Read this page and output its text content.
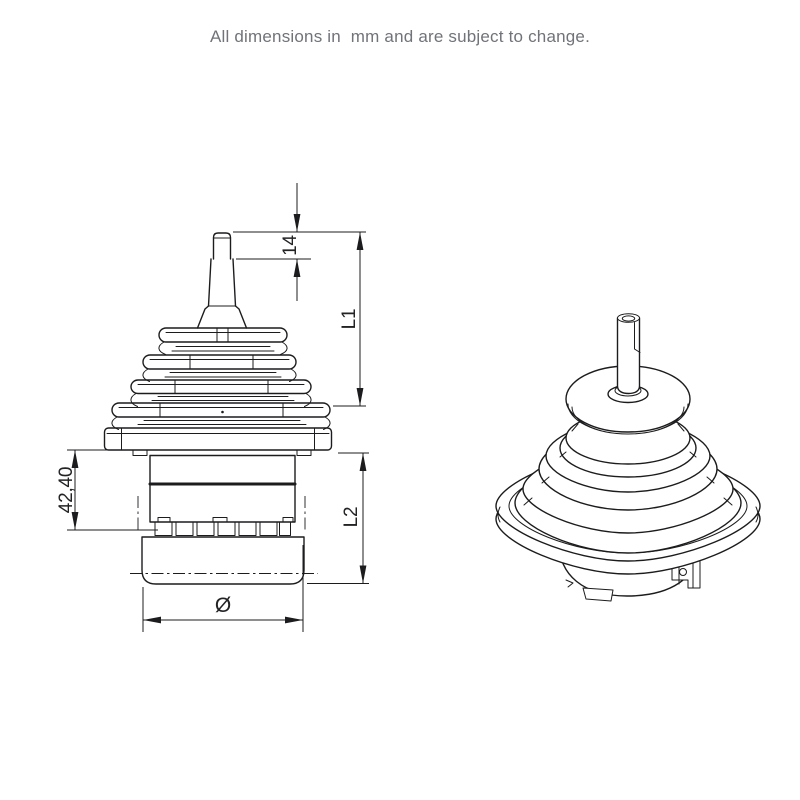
All dimensions in  mm and are subject to change.
14
L1
L2
42,40
Ø
